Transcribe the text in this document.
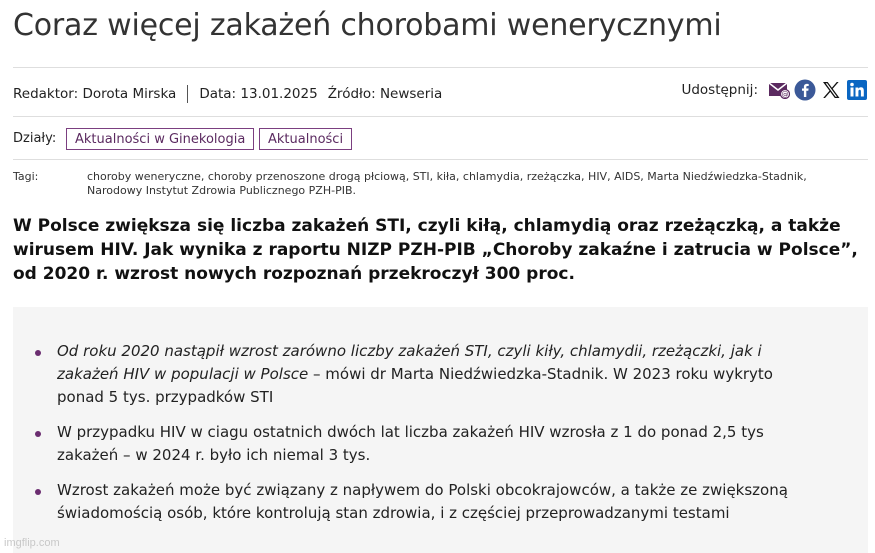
Coraz więcej zakażeń chorobami wenerycznymi
Redaktor: Dorota Mirska Data: 13.01.2025 Źródło: Newseria	Udostępnij:	@
Działy:	Aktualności w Ginekologia	Aktualności
Tagi:	choroby weneryczne, choroby przenoszone drogą płciową, STI, kiła, chlamydia, rzeżączka, HIV, AIDS, Marta Niedźwiedzka-Stadnik, Narodowy Instytut Zdrowia Publicznego PZH-PIB.
W Polsce zwiększa się liczba zakażeń STI, czyli kiłą, chlamydią oraz rzeżączką, a także wirusem HIV. Jak wynika z raportu NIZP PZH-PIB „Choroby zakaźne i zatrucia w Polsce”, od 2020 r. wzrost nowych rozpoznań przekroczył 300 proc.
Od roku 2020 nastąpił wzrost zarówno liczby zakażeń STI, czyli kiły, chlamydii, rzeżączki, jak i zakażeń HIV w populacji w Polsce – mówi dr Marta Niedźwiedzka-Stadnik. W 2023 roku wykryto ponad 5 tys. przypadków STI
W przypadku HIV w ciagu ostatnich dwóch lat liczba zakażeń HIV wzrosła z 1 do ponad 2,5 tys zakażeń – w 2024 r. było ich niemal 3 tys.
Wzrost zakażeń może być związany z napływem do Polski obcokrajowców, a także ze zwiększoną świadomością osób, które kontrolują stan zdrowia, i z częściej przeprowadzanymi testami
imgflip.com
